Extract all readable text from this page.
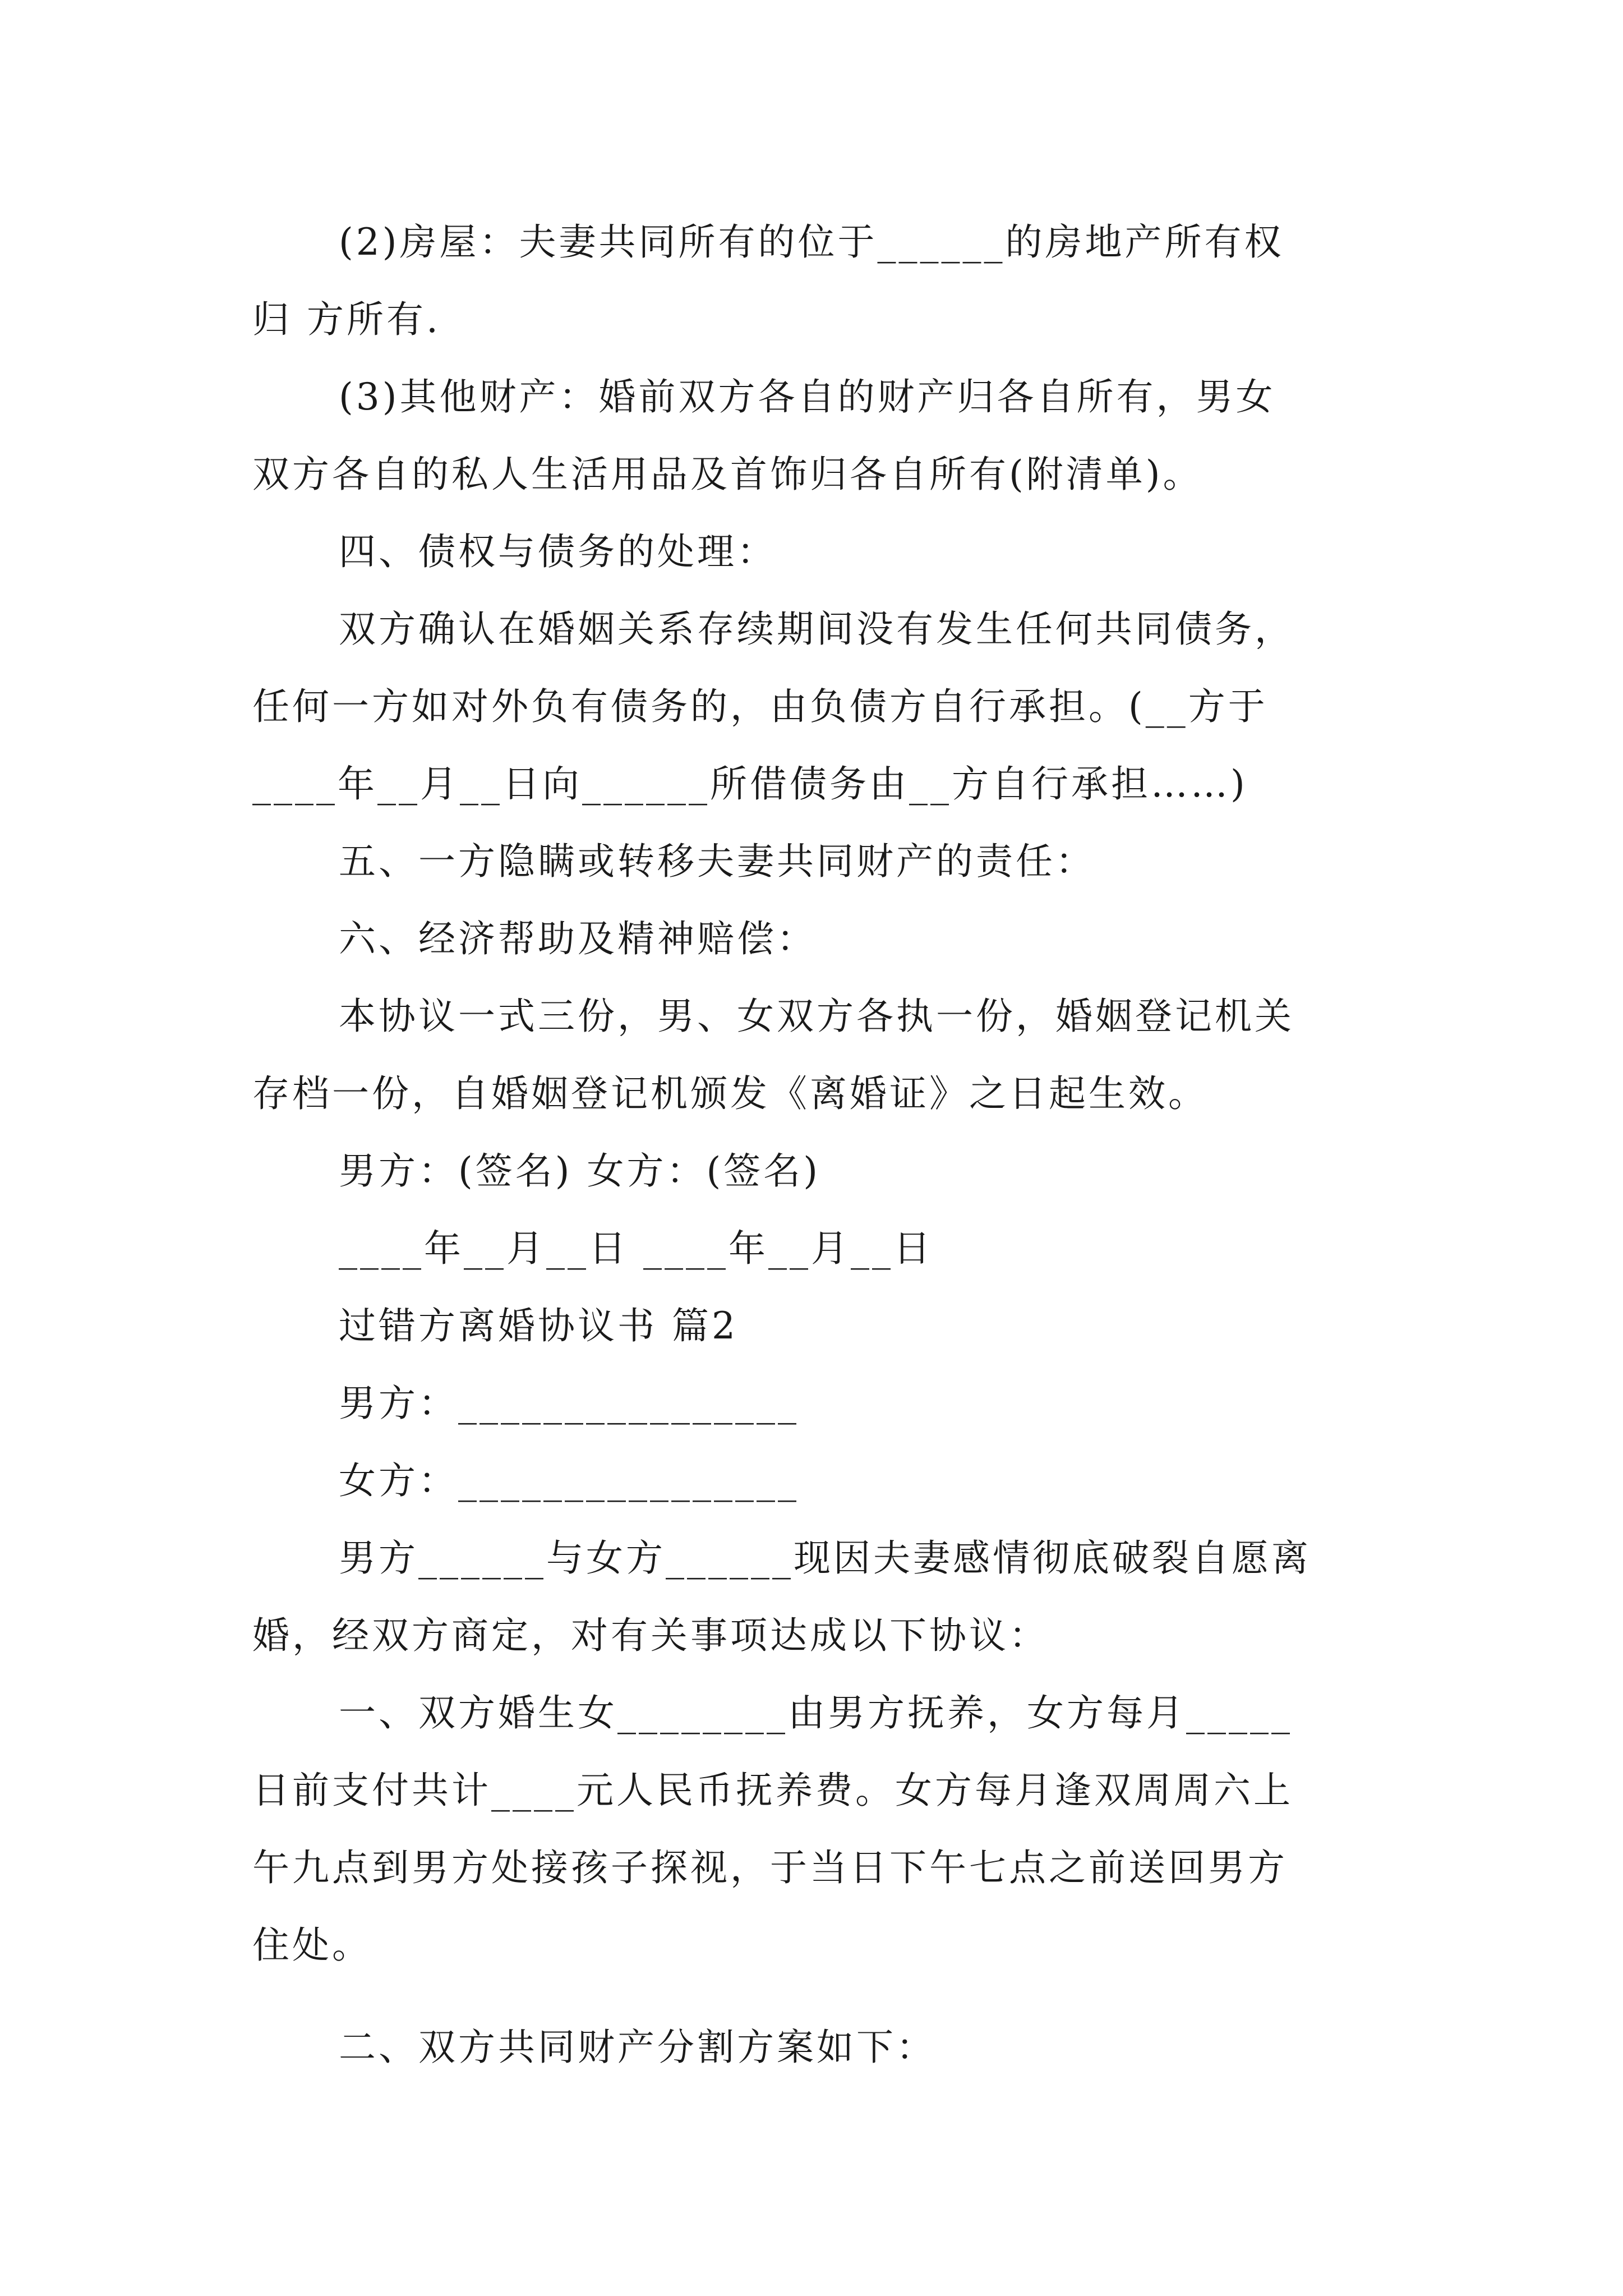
(2)房屋：夫妻共同所有的位于______的房地产所有权
归 方所有.
(3)其他财产：婚前双方各自的财产归各自所有，男女
双方各自的私人生活用品及首饰归各自所有(附清单)。
四、债权与债务的处理：
双方确认在婚姻关系存续期间没有发生任何共同债务，
任何一方如对外负有债务的，由负债方自行承担。(__方于
____年__月__日向______所借债务由__方自行承担……)
五、一方隐瞒或转移夫妻共同财产的责任：
六、经济帮助及精神赔偿：
本协议一式三份，男、女双方各执一份，婚姻登记机关
存档一份，自婚姻登记机颁发《离婚证》之日起生效。
男方：(签名) 女方：(签名)
____年__月__日 ____年__月__日
过错方离婚协议书 篇2
男方：________________
女方：________________
男方______与女方______现因夫妻感情彻底破裂自愿离
婚，经双方商定，对有关事项达成以下协议：
一、双方婚生女________由男方抚养，女方每月_____
日前支付共计____元人民币抚养费。女方每月逢双周周六上
午九点到男方处接孩子探视，于当日下午七点之前送回男方
住处。
二、双方共同财产分割方案如下：
